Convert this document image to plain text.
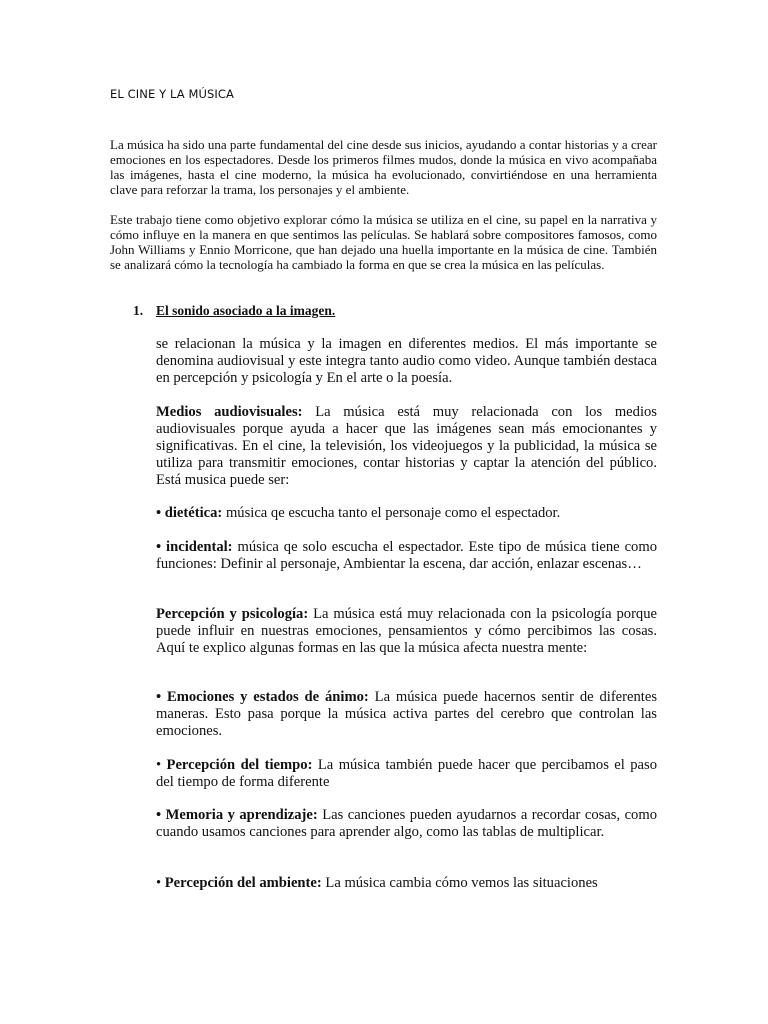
EL CINE Y LA MÚSICA

La música ha sido una parte fundamental del cine desde sus inicios, ayudando a contar historias y a crear emociones en los espectadores. Desde los primeros filmes mudos, donde la música en vivo acompañaba las imágenes, hasta el cine moderno, la música ha evolucionado, convirtiéndose en una herramienta clave para reforzar la trama, los personajes y el ambiente.

Este trabajo tiene como objetivo explorar cómo la música se utiliza en el cine, su papel en la narrativa y cómo influye en la manera en que sentimos las películas. Se hablará sobre compositores famosos, como John Williams y Ennio Morricone, que han dejado una huella importante en la música de cine. También se analizará cómo la tecnología ha cambiado la forma en que se crea la música en las películas.

1. El sonido asociado a la imagen.

se relacionan la música y la imagen en diferentes medios. El más importante se denomina audiovisual y este integra tanto audio como video. Aunque también destaca en percepción y psicología y En el arte o la poesía.

Medios audiovisuales: La música está muy relacionada con los medios audiovisuales porque ayuda a hacer que las imágenes sean más emocionantes y significativas. En el cine, la televisión, los videojuegos y la publicidad, la música se utiliza para transmitir emociones, contar historias y captar la atención del público. Está musica puede ser:

• dietética: música qe escucha tanto el personaje como el espectador.

• incidental: música qe solo escucha el espectador. Este tipo de música tiene como funciones: Definir al personaje, Ambientar la escena, dar acción, enlazar escenas…

Percepción y psicología: La música está muy relacionada con la psicología porque puede influir en nuestras emociones, pensamientos y cómo percibimos las cosas. Aquí te explico algunas formas en las que la música afecta nuestra mente:

• Emociones y estados de ánimo: La música puede hacernos sentir de diferentes maneras. Esto pasa porque la música activa partes del cerebro que controlan las emociones.

• Percepción del tiempo: La música también puede hacer que percibamos el paso del tiempo de forma diferente

• Memoria y aprendizaje: Las canciones pueden ayudarnos a recordar cosas, como cuando usamos canciones para aprender algo, como las tablas de multiplicar.

• Percepción del ambiente: La música cambia cómo vemos las situaciones
